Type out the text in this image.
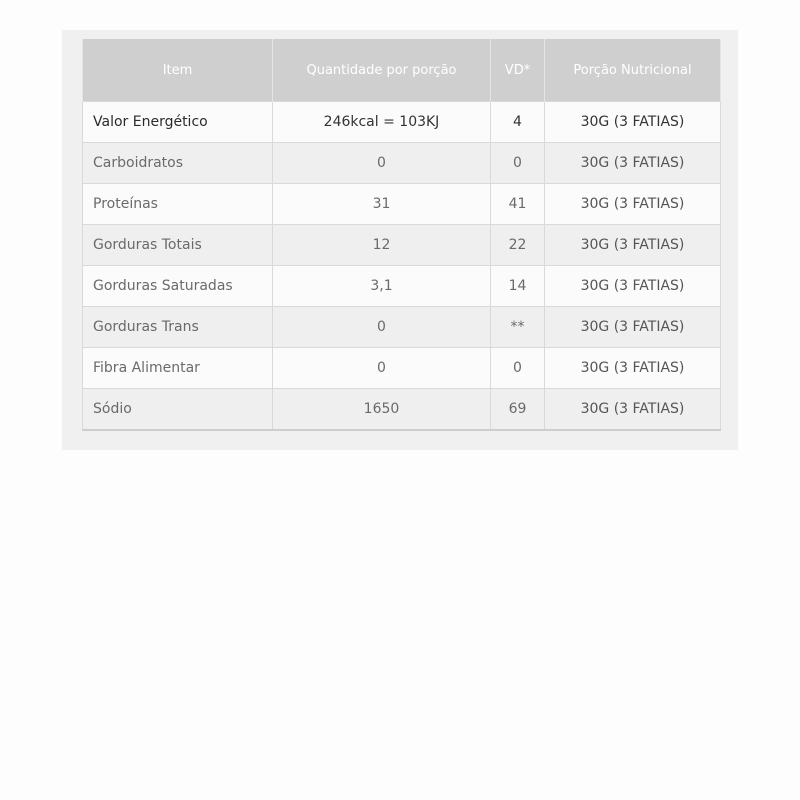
Item	Quantidade por porção	VD*	Porção Nutricional
Valor Energético	246kcal = 103KJ	4	30G (3 FATIAS)
Carboidratos	0	0	30G (3 FATIAS)
Proteínas	31	41	30G (3 FATIAS)
Gorduras Totais	12	22	30G (3 FATIAS)
Gorduras Saturadas	3,1	14	30G (3 FATIAS)
Gorduras Trans	0	**	30G (3 FATIAS)
Fibra Alimentar	0	0	30G (3 FATIAS)
Sódio	1650	69	30G (3 FATIAS)
